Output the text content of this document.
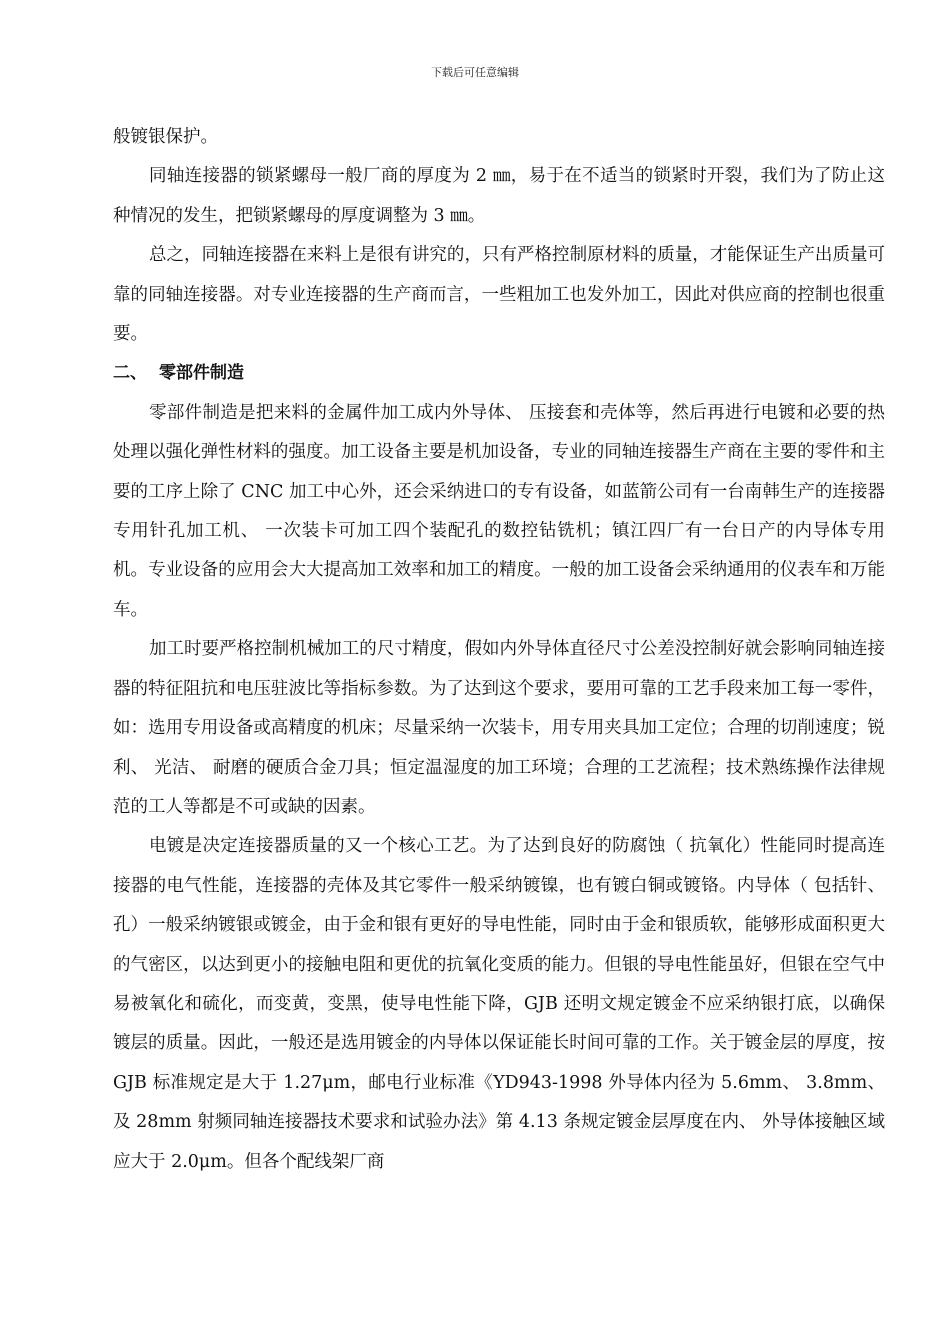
下载后可任意编辑

般镀银保护。

同轴连接器的锁紧螺母一般厂商的厚度为 2 ㎜，易于在不适当的锁紧时开裂，我们为了防止这种情况的发生，把锁紧螺母的厚度调整为 3 ㎜。

总之，同轴连接器在来料上是很有讲究的，只有严格控制原材料的质量，才能保证生产出质量可靠的同轴连接器。对专业连接器的生产商而言，一些粗加工也发外加工，因此对供应商的控制也很重要。

二、 零部件制造

零部件制造是把来料的金属件加工成内外导体、 压接套和壳体等，然后再进行电镀和必要的热处理以强化弹性材料的强度。加工设备主要是机加设备，专业的同轴连接器生产商在主要的零件和主要的工序上除了 CNC 加工中心外，还会采纳进口的专有设备，如蓝箭公司有一台南韩生产的连接器专用针孔加工机、 一次装卡可加工四个装配孔的数控钻铣机；镇江四厂有一台日产的内导体专用机。专业设备的应用会大大提高加工效率和加工的精度。一般的加工设备会采纳通用的仪表车和万能车。

加工时要严格控制机械加工的尺寸精度，假如内外导体直径尺寸公差没控制好就会影响同轴连接器的特征阻抗和电压驻波比等指标参数。为了达到这个要求，要用可靠的工艺手段来加工每一零件，如：选用专用设备或高精度的机床；尽量采纳一次装卡，用专用夹具加工定位；合理的切削速度；锐利、 光洁、 耐磨的硬质合金刀具；恒定温湿度的加工环境；合理的工艺流程；技术熟练操作法律规范的工人等都是不可或缺的因素。

电镀是决定连接器质量的又一个核心工艺。为了达到良好的防腐蚀（ 抗氧化）性能同时提高连接器的电气性能，连接器的壳体及其它零件一般采纳镀镍，也有镀白铜或镀铬。内导体（ 包括针、 孔）一般采纳镀银或镀金，由于金和银有更好的导电性能，同时由于金和银质软，能够形成面积更大的气密区，以达到更小的接触电阻和更优的抗氧化变质的能力。但银的导电性能虽好，但银在空气中易被氧化和硫化，而变黄，变黑，使导电性能下降，GJB 还明文规定镀金不应采纳银打底，以确保镀层的质量。因此，一般还是选用镀金的内导体以保证能长时间可靠的工作。关于镀金层的厚度，按 GJB 标准规定是大于 1.27μm，邮电行业标准《YD943-1998 外导体内径为 5.6mm、 3.8mm、 及 28mm 射频同轴连接器技术要求和试验办法》第 4.13 条规定镀金层厚度在内、 外导体接触区域应大于 2.0μm。但各个配线架厂商
